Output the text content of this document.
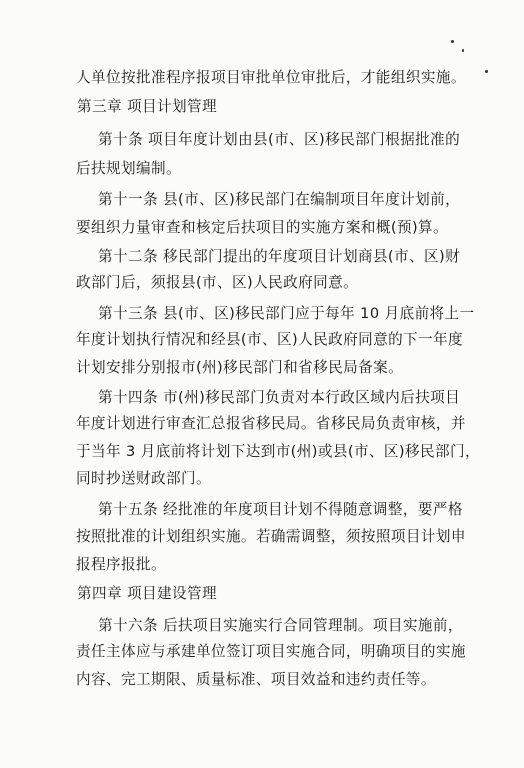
人单位按批准程序报项目审批单位审批后，才能组织实施。
第三章 项目计划管理
第十条 项目年度计划由县(市、区)移民部门根据批准的
后扶规划编制。
第十一条 县(市、区)移民部门在编制项目年度计划前，
要组织力量审查和核定后扶项目的实施方案和概(预)算。
第十二条 移民部门提出的年度项目计划商县(市、区)财
政部门后，须报县(市、区)人民政府同意。
第十三条 县(市、区)移民部门应于每年 10 月底前将上一
年度计划执行情况和经县(市、区)人民政府同意的下一年度
计划安排分别报市(州)移民部门和省移民局备案。
第十四条 市(州)移民部门负责对本行政区域内后扶项目
年度计划进行审查汇总报省移民局。省移民局负责审核，并
于当年 3 月底前将计划下达到市(州)或县(市、区)移民部门，
同时抄送财政部门。
第十五条 经批准的年度项目计划不得随意调整，要严格
按照批准的计划组织实施。若确需调整，须按照项目计划申
报程序报批。
第四章 项目建设管理
第十六条 后扶项目实施实行合同管理制。项目实施前，
责任主体应与承建单位签订项目实施合同，明确项目的实施
内容、完工期限、质量标准、项目效益和违约责任等。
